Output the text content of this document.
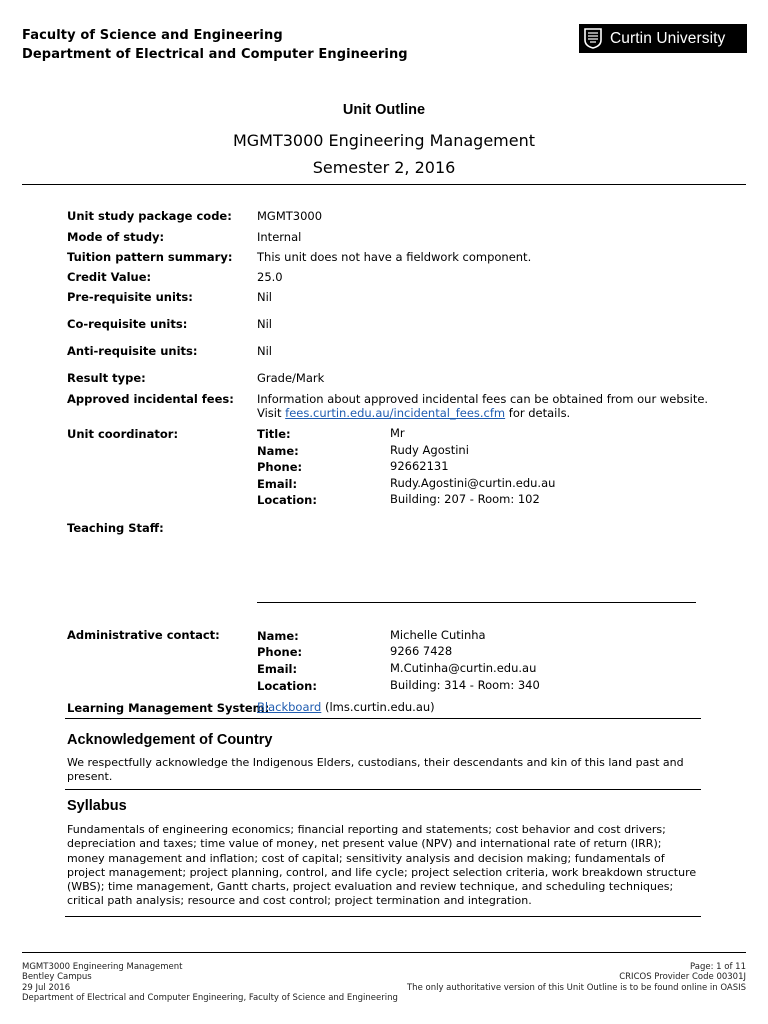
Faculty of Science and Engineering
Department of Electrical and Computer Engineering
Curtin University
Unit Outline
MGMT3000 Engineering Management
Semester 2, 2016
Unit study package code: MGMT3000
Mode of study:	Internal
Tuition pattern summary: This unit does not have a fieldwork component.
Credit Value:	25.0
Pre-requisite units:	Nil
Co-requisite units:	Nil
Anti-requisite units:	Nil
Result type:	Grade/Mark
Approved incidental fees: Information about approved incidental fees can be obtained from our website.
Visit fees.curtin.edu.au/incidental_fees.cfm for details.
Unit coordinator:	Title:	Mr
Name:	Rudy Agostini
Phone:	92662131
Email:	Rudy.Agostini@curtin.edu.au
Location:	Building: 207 - Room: 102
Teaching Staff:
Administrative contact:	Name:	Michelle Cutinha
Phone:	9266 7428
Email:	M.Cutinha@curtin.edu.au
Location:	Building: 314 - Room: 340
Learning Management System:
Blackboard (lms.curtin.edu.au)
Acknowledgement of Country
We respectfully acknowledge the Indigenous Elders, custodians, their descendants and kin of this land past and present.
Syllabus
Fundamentals of engineering economics; financial reporting and statements; cost behavior and cost drivers; depreciation and taxes; time value of money, net present value (NPV) and international rate of return (IRR); money management and inflation; cost of capital; sensitivity analysis and decision making; fundamentals of project management; project planning, control, and life cycle; project selection criteria, work breakdown structure (WBS); time management, Gantt charts, project evaluation and review technique, and scheduling techniques; critical path analysis; resource and cost control; project termination and integration.
MGMT3000 Engineering Management
Bentley Campus
29 Jul 2016
Department of Electrical and Computer Engineering, Faculty of Science and Engineering
Page: 1 of 11
CRICOS Provider Code 00301J
The only authoritative version of this Unit Outline is to be found online in OASIS
